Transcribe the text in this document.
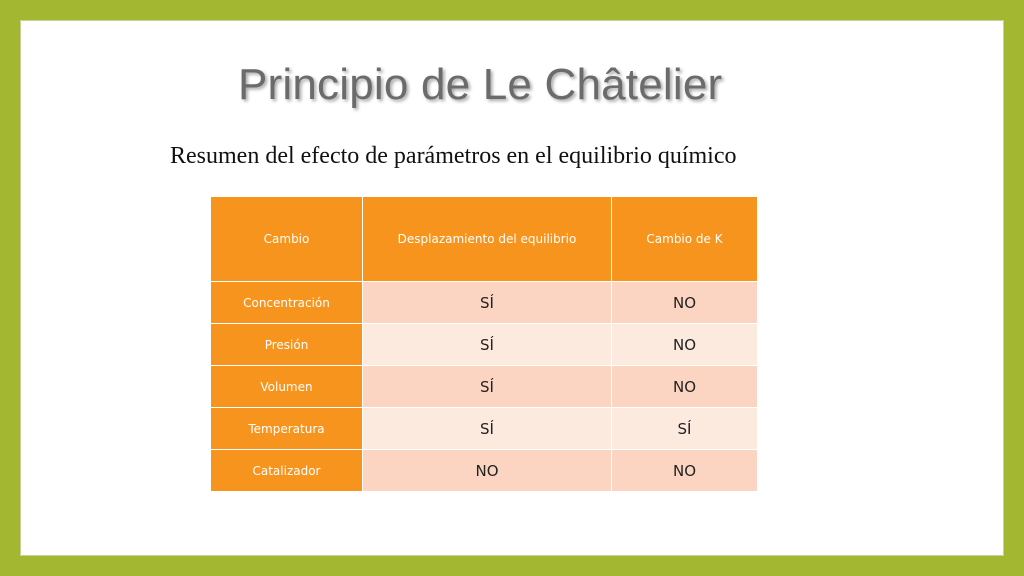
Principio de Le Châtelier
Resumen del efecto de parámetros en el equilibrio químico
Cambio	Desplazamiento del equilibrio	Cambio de K
Concentración	SÍ	NO
Presión	SÍ	NO
Volumen	SÍ	NO
Temperatura	SÍ	SÍ
Catalizador	NO	NO
